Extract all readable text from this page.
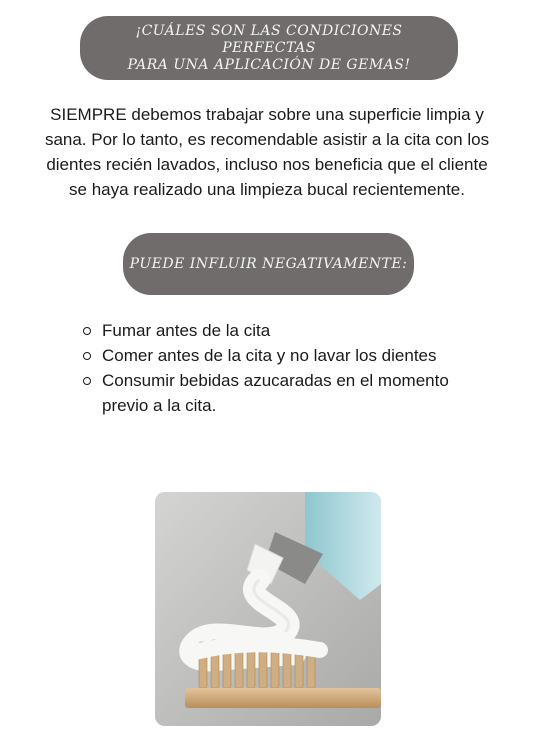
¡CUÁLES SON LAS CONDICIONES PERFECTAS
PARA UNA APLICACIÓN DE GEMAS!

SIEMPRE debemos trabajar sobre una superficie limpia y sana. Por lo tanto, es recomendable asistir a la cita con los dientes recién lavados, incluso nos beneficia que el cliente se haya realizado una limpieza bucal recientemente.

PUEDE INFLUIR NEGATIVAMENTE:
Fumar antes de la cita
Comer antes de la cita y no lavar los dientes
Consumir bebidas azucaradas en el momento previo a la cita.
